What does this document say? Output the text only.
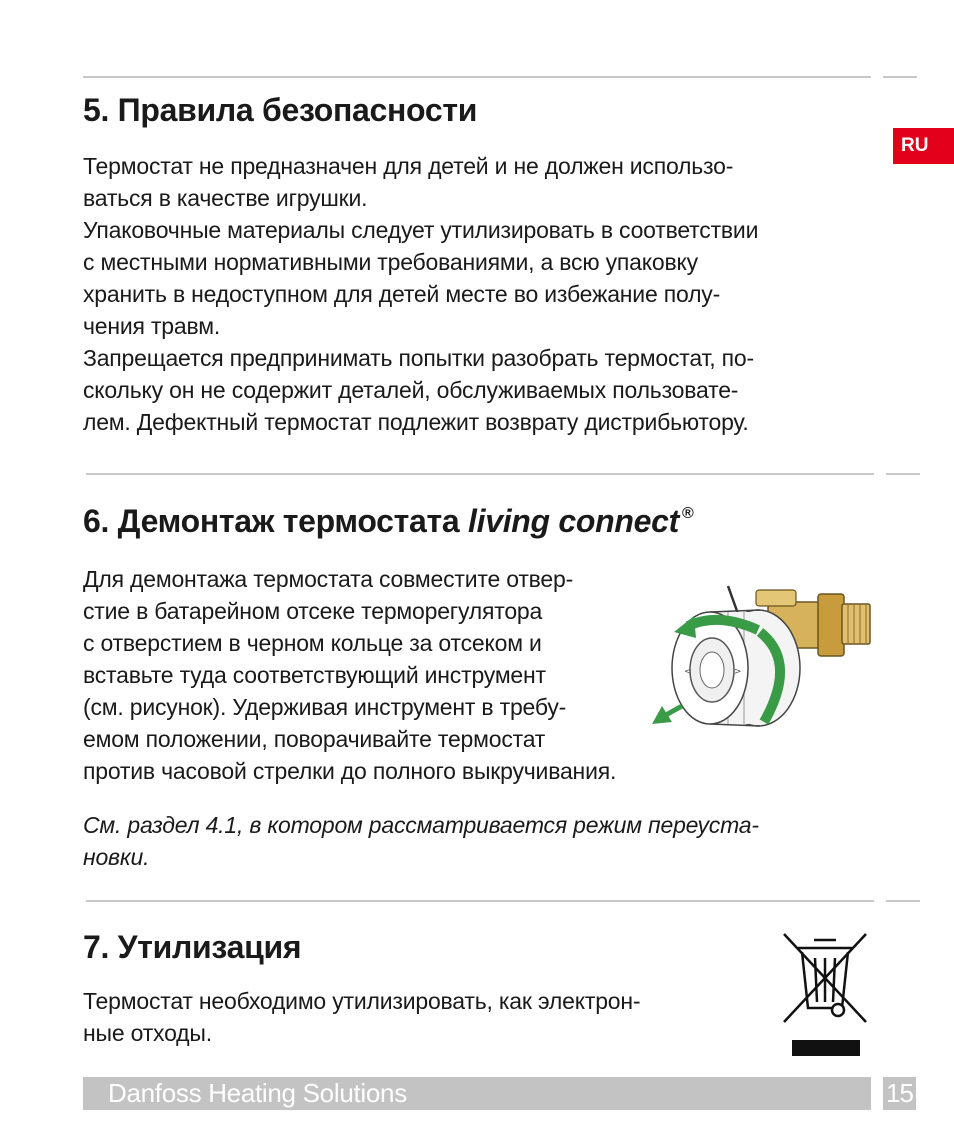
RU
5. Правила безопасности
Термостат не предназначен для детей и не должен использо-
ваться в качестве игрушки.
Упаковочные материалы следует утилизировать в соответствии
с местными нормативными требованиями, а всю упаковку
хранить в недоступном для детей месте во избежание полу-
чения травм.
Запрещается предпринимать попытки разобрать термостат, по-
скольку он не содержит деталей, обслуживаемых пользовате-
лем. Дефектный термостат подлежит возврату дистрибьютору.
6. Демонтаж термостата living connect ®
Для демонтажа термостата совместите отвер-
стие в батарейном отсеке терморегулятора
с отверстием в черном кольце за отсеком и
вставьте туда соответствующий инструмент
(см. рисунок). Удерживая инструмент в требу-
емом положении, поворачивайте термостат
против часовой стрелки до полного выкручивания.
См. раздел 4.1, в котором рассматривается режим переуста-
новки.
<	>
7. Утилизация
Термостат необходимо утилизировать, как электрон-
ные отходы.
Danfoss Heating Solutions	15
